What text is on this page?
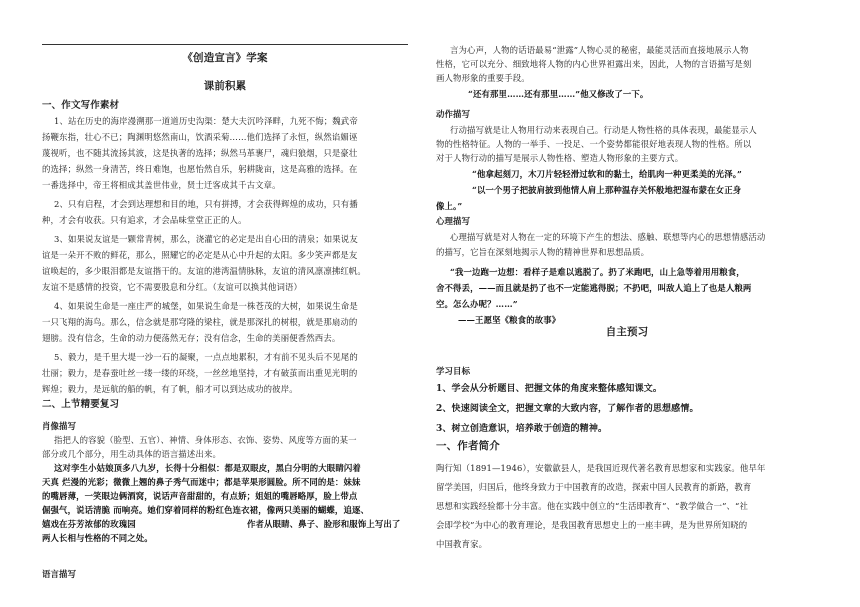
《创造宣言》学案
课前积累
一、作文写作素材
1、站在历史的海岸漫溯那一道道历史沟渠：楚大夫沉吟泽畔，九死不悔；魏武帝
扬鞭东指，壮心不已；陶渊明悠然南山，饮酒采菊……他们选择了永恒，纵然谄媚诬
蔑视听，也不随其流扬其波，这是执著的选择；纵然马革裹尸，魂归狼烟，只是豪壮
的选择；纵然一身清苦，终日难饱，也愿怡然自乐，躬耕陇亩，这是高雅的选择。在
一番选择中，帝王将相成其盖世伟业，贤士迁客成其千古文章。
2、只有启程，才会到达理想和目的地，只有拼搏，才会获得辉煌的成功，只有播
种，才会有收获。只有追求，才会品味堂堂正正的人。
3、如果说友谊是一颗常青树，那么，浇灌它的必定是出自心田的清泉；如果说友
谊是一朵开不败的鲜花，那么，照耀它的必定是从心中升起的太阳。多少笑声都是友
谊唤起的，多少眼泪都是友谊揩干的。友谊的港湾温情脉脉，友谊的清风凛凛拂红帆。
友谊不是感情的投资，它不需要股息和分红。（友谊可以换其他词语）
4、如果说生命是一座庄严的城堡，如果说生命是一株苍茂的大树，如果说生命是
一只飞翔的海鸟。那么，信念就是那穹隆的梁柱，就是那深扎的树根，就是那扇动的
翅膀。没有信念，生命的动力便荡然无存；没有信念，生命的美丽便香然西去。
5、毅力，是千里大堤一沙一石的凝聚，一点点地累积，才有前不见头后不见尾的
壮丽；毅力，是春蚕吐丝一缕一缕的环绕，一丝丝地坚持，才有破茧而出重见光明的
辉煌；毅力，是远航的船的帆，有了帆，船才可以到达成功的彼岸。
二、上节精要复习
肖像描写
指把人的容貌（脸型、五官）、神情、身体形态、衣饰、姿势、风度等方面的某一
部分或几个部分，用生动具体的语言描述出来。
这对孪生小姑娘顶多八九岁，长得十分相似：都是双眼皮，黑白分明的大眼睛闪着
天真 烂漫的光彩；微微上翘的鼻子秀气而迷中；都是苹果形圆脸。所不同的是：妹妹
的嘴唇薄，一笑眼边俩酒窝，说话声音甜甜的，有点娇；姐姐的嘴唇略厚，脸上带点
倔强气，说话清脆 而响亮。她们穿着同样的粉红色连衣裙，像两只美丽的蝴蝶，追逐、
嬉戏在芬芳浓郁的玫瑰园	作者从眼睛、鼻子、脸形和服饰上写出了
两人长相与性格的不同之处。
语言描写
言为心声，人物的话语最易“泄露”人物心灵的秘密，最能灵活而直接地展示人物
性格，它可以充分、细致地将人物的内心世界袒露出来，因此，人物的言语描写是刻
画人物形象的重要手段。
“还有那里……还有那里……”他又修改了一下。
动作描写
行动描写就是让人物用行动来表现自己。行动是人物性格的具体表现，最能显示人
物的性格特征。人物的一举手、一投足、一个姿势都能很好地表现人物的性格。所以
对于人物行动的描写是展示人物性格、塑造人物形象的主要方式。
“他拿起刻刀，木刀片轻轻滑过软和的黏土，给肌肉一种更柔美的光泽。”
“以一个男子把披肩披到他情人肩上那种温存关怀般地把湿布蒙在女正身
像上。”
心理描写
心理描写就是对人物在一定的环境下产生的想法、感触、联想等内心的思想情感活动
的描写，它旨在深刻地揭示人物的精神世界和思想品质。
“我一边跑一边想：看样子是难以逃脱了。扔了米跑吧，山上急等着用用粮食，
舍不得丢，——而且就是扔了也不一定能逃得脱；不扔吧，叫敌人追上了也是人粮两
空。怎么办呢？……”
——王愿坚《粮食的故事》
自主预习
学习目标
1、学会从分析题目、把握文体的角度来整体感知课文。
2、快速阅读全文，把握文章的大致内容，了解作者的思想感情。
3、树立创造意识，培养敢于创造的精神。
一、作者简介
陶行知（1891—1946），安徽歙县人，是我国近现代著名教育思想家和实践家。他早年
留学美国，归国后，他终身致力于中国教育的改造，探索中国人民教育的新路，教育
思想和实践经验都十分丰富。他在实践中创立的“生活即教育”、“教学做合一”、“社
会即学校”为中心的教育理论，是我国教育思想史上的一座丰碑，是为世界所知晓的
中国教育家。
